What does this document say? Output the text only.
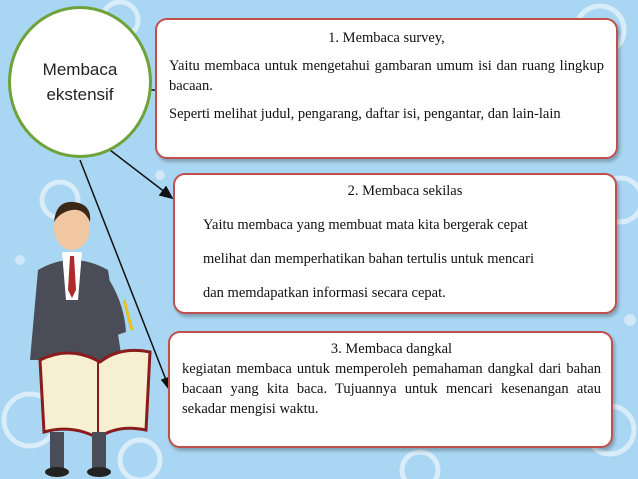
Membaca
ekstensif
1. Membaca survey,

Yaitu membaca untuk mengetahui gambaran umum isi dan ruang lingkup bacaan.

Seperti melihat judul, pengarang, daftar isi, pengantar, dan lain-lain

2. Membaca sekilas

Yaitu membaca yang membuat mata kita bergerak cepat

melihat dan memperhatikan bahan tertulis untuk mencari

dan memdapatkan informasi secara cepat.

3. Membaca dangkal

kegiatan membaca untuk memperoleh pemahaman dangkal dari bahan bacaan yang kita baca. Tujuannya untuk mencari kesenangan atau sekadar mengisi waktu.
